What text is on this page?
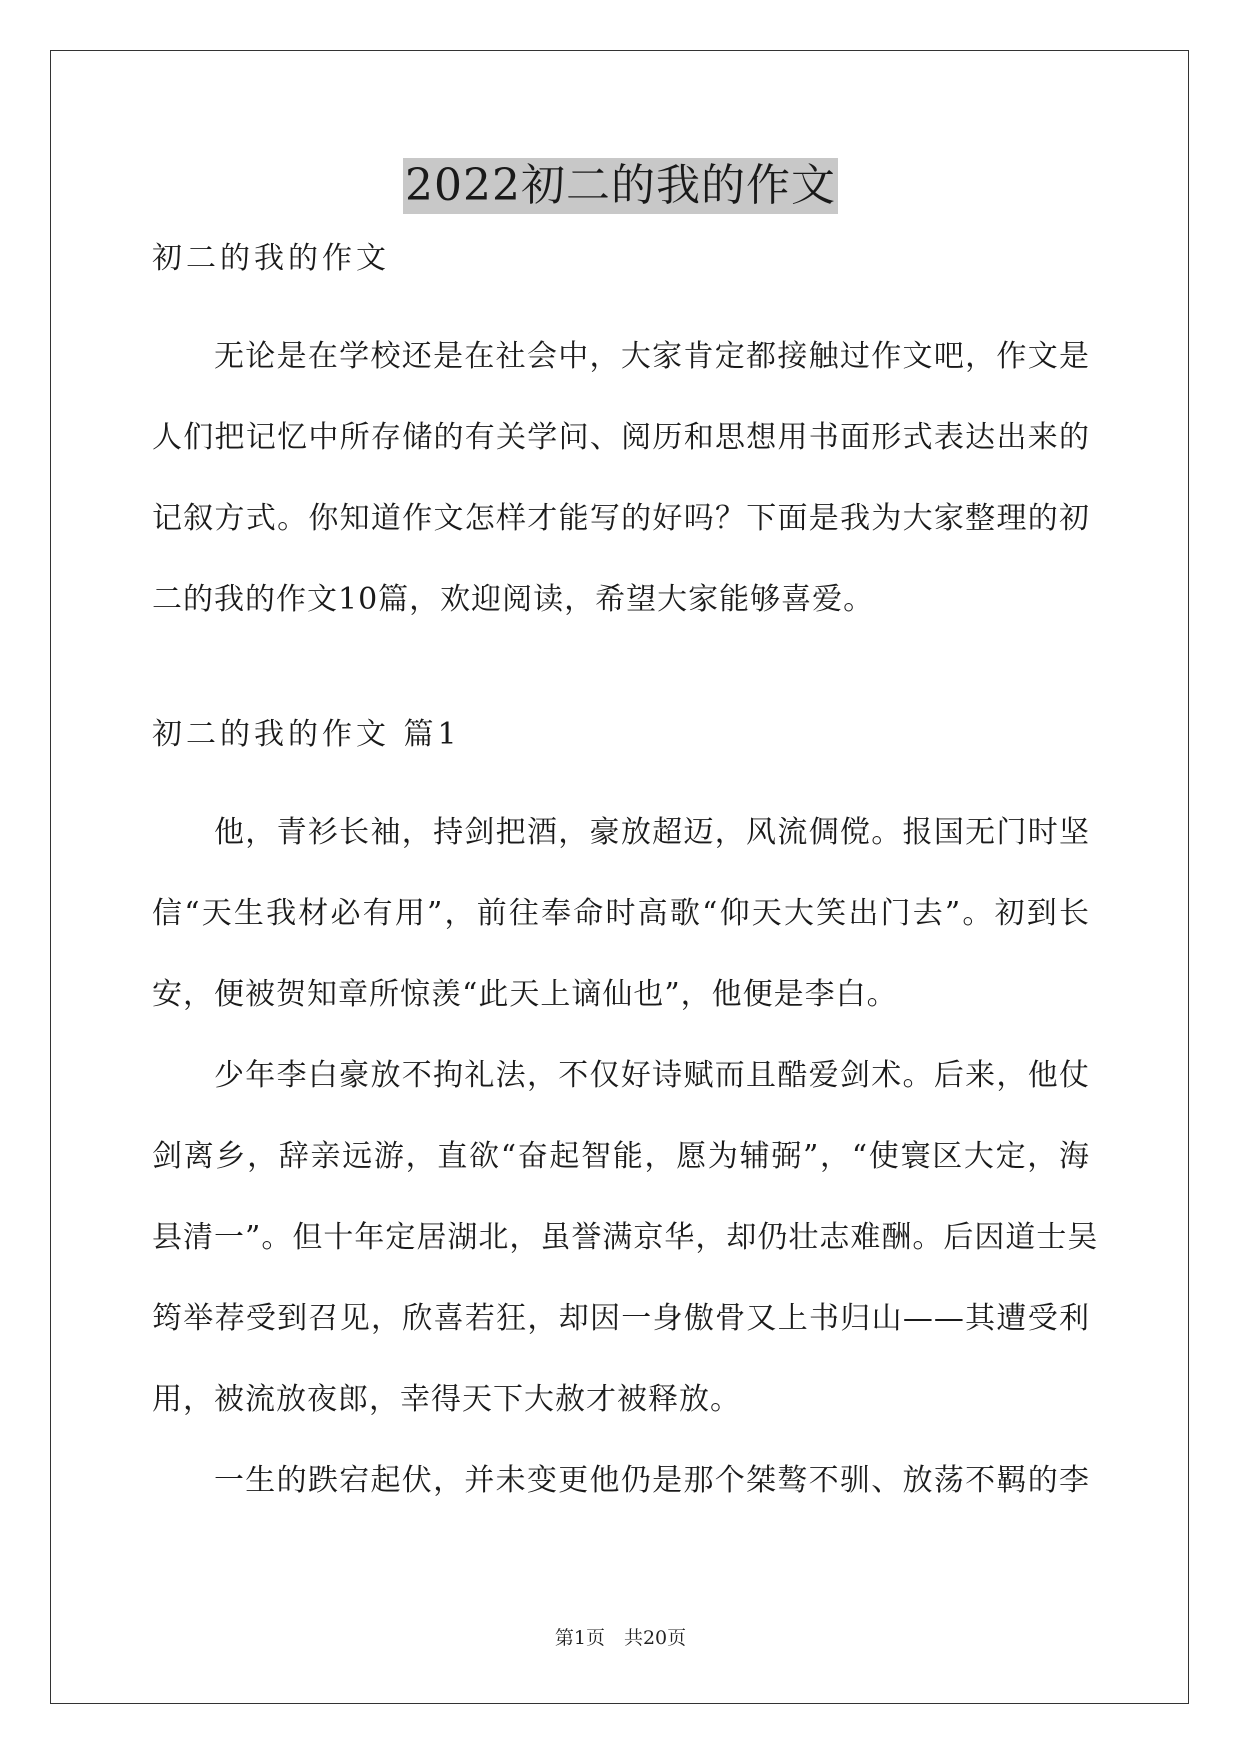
2022初二的我的作文
初二的我的作文

无论是在学校还是在社会中，大家肯定都接触过作文吧，作文是

人们把记忆中所存储的有关学问、阅历和思想用书面形式表达出来的

记叙方式。你知道作文怎样才能写的好吗？下面是我为大家整理的初

二的我的作文10篇，欢迎阅读，希望大家能够喜爱。

初二的我的作文 篇1

他，青衫长袖，持剑把酒，豪放超迈，风流倜傥。报国无门时坚

信“天生我材必有用”，前往奉命时高歌“仰天大笑出门去”。初到长

安，便被贺知章所惊羡“此天上谪仙也”，他便是李白。

少年李白豪放不拘礼法，不仅好诗赋而且酷爱剑术。后来，他仗

剑离乡，辞亲远游，直欲“奋起智能，愿为辅弼”，“使寰区大定，海

县清一”。但十年定居湖北，虽誉满京华，却仍壮志难酬。后因道士吴

筠举荐受到召见，欣喜若狂，却因一身傲骨又上书归山——其遭受利

用，被流放夜郎，幸得天下大赦才被释放。

一生的跌宕起伏，并未变更他仍是那个桀骜不驯、放荡不羁的李

第1页　共20页
